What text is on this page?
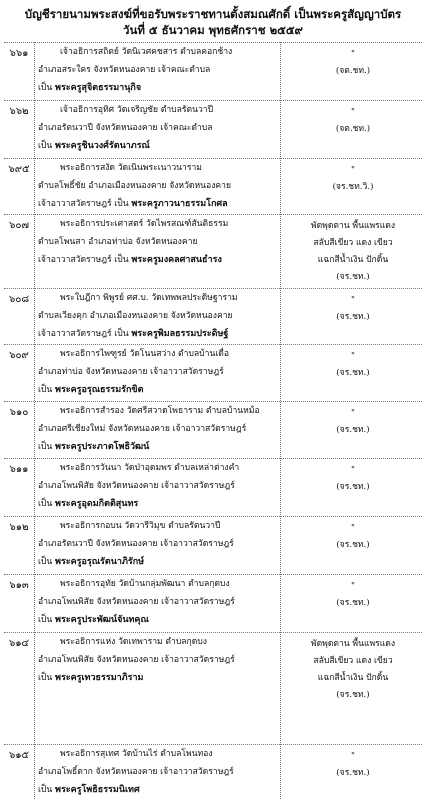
บัญชีรายนามพระสงฆ์ที่ขอรับพระราชทานตั้งสมณศักดิ์ เป็นพระครูสัญญาบัตร
วันที่ ๕ ธันวาคม พุทธศักราช ๒๕๕๙
๖๖๑	เจ้าอธิการสถิตย์ วัดนิเวศคชสาร ตำบลคอกช้าง
อำเภอสระใคร จังหวัดหนองคาย เจ้าคณะตำบล
เป็น พระครูสุจิตธรรมานุกิจ
"
(จต.ชท.)
๖๖๒	เจ้าอธิการอุทิศ วัดเจริญชัย ตำบลรัตนวาปี
อำเภอรัตนวาปี จังหวัดหนองคาย เจ้าคณะตำบล
เป็น พระครูชินวงศ์รัตนาภรณ์
"
(จต.ชท.)
๖๙๕	พระอธิการสงัด วัดเนินพระเนาวนาราม
ตำบลโพธิ์ชัย อำเภอเมืองหนองคาย จังหวัดหนองคาย
เจ้าอาวาสวัดราษฎร์ เป็น พระครูภาวนาธรรมโกศล
"
(จร.ชท.วิ.)
๖๐๗	พระอธิการประเศาสตร์ วัดไพรสณฑ์สันติธรรม
ตำบลโพนสา อำเภอท่าบ่อ จังหวัดหนองคาย
เจ้าอาวาสวัดราษฎร์ เป็น พระครูมงคลศาสนธำรง
พัดพุดตาน พื้นแพรแดง
สลับสีเขียว แดง เขียว
แฉกสีน้ำเงิน ปักดิ้น
(จร.ชท.)
๖๐๘	พระใบฎีกา พิพูรย์ ศศ.บ. วัดเทพพลประดิษฐาราม
ตำบลเวียงคุก อำเภอเมืองหนองคาย จังหวัดหนองคาย
เจ้าอาวาสวัดราษฎร์ เป็น พระครูพิมลธรรมประดิษฐ์
"
(จร.ชท.)
๖๐๙	พระอธิการไพฑูรย์ วัดโนนสว่าง ตำบลบ้านเดื่อ
อำเภอท่าบ่อ จังหวัดหนองคาย เจ้าอาวาสวัดราษฎร์
เป็น พระครูอรุณธรรมรักขิต
"
(จร.ชท.)
๖๑๐	พระอธิการสำรอง วัดศรีสวาดโพธาราม ตำบลบ้านหม้อ
อำเภอศรีเชียงใหม่ จังหวัดหนองคาย เจ้าอาวาสวัดราษฎร์
เป็น พระครูประภาตโพธิวัฒน์
"
(จร.ชท.)
๖๑๑	พระอธิการวันนา วัดป่าอุดมพร ตำบลเหล่าต่างคำ
อำเภอโพนพิสัย จังหวัดหนองคาย เจ้าอาวาสวัดราษฎร์
เป็น พระครูอุดมกิตติสุนทร
"
(จร.ชท.)
๖๑๒	พระอธิการกอบน วัดวารีวิมุข ตำบลรัตนวาปี
อำเภอรัตนวาปี จังหวัดหนองคาย เจ้าอาวาสวัดราษฎร์
เป็น พระครูอรุณรัตนาภิรักษ์
"
(จร.ชท.)
๖๑๓	พระอธิการอุทัย วัดบ้านกลุ่มพัฒนา ตำบลกุดบง
อำเภอโพนพิสัย จังหวัดหนองคาย เจ้าอาวาสวัดราษฎร์
เป็น พระครูประพัฒน์จันทคุณ
"
(จร.ชท.)
๖๑๔	พระอธิการแห่ง วัดเทพาราม ตำบลกุดบง
อำเภอโพนพิสัย จังหวัดหนองคาย เจ้าอาวาสวัดราษฎร์
เป็น พระครูเทวธรรมาภิราม
พัดพุดตาน พื้นแพรแดง
สลับสีเขียว แดง เขียว
แฉกสีน้ำเงิน ปักดิ้น
(จร.ชท.)
๖๑๕	พระอธิการสุเทศ วัดบ้านไร่ ตำบลโพนทอง
อำเภอโพธิ์ตาก จังหวัดหนองคาย เจ้าอาวาสวัดราษฎร์
เป็น พระครูโพธิธรรมนิเทศ
"
(จร.ชท.)
